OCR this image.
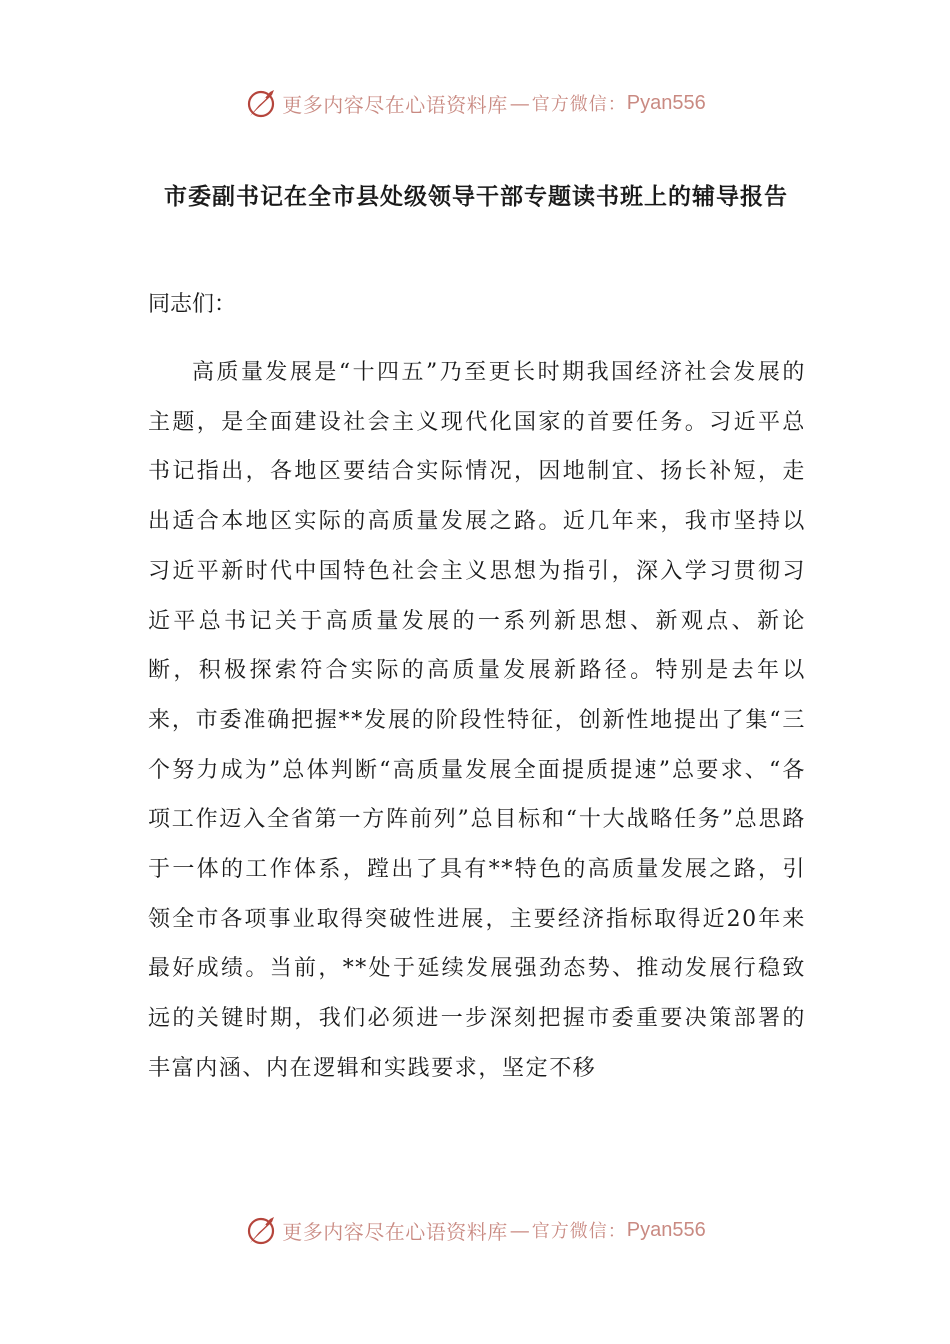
更多内容尽在心语资料库 — 官方微信： Pyan556
市委副书记在全市县处级领导干部专题读书班上的辅导报告

同志们：

高质量发展是“十四五”乃至更长时期我国经济社会发展的主题，是全面建设社会主义现代化国家的首要任务。习近平总书记指出，各地区要结合实际情况，因地制宜、扬长补短，走出适合本地区实际的高质量发展之路。近几年来，我市坚持以习近平新时代中国特色社会主义思想为指引，深入学习贯彻习近平总书记关于高质量发展的一系列新思想、新观点、新论断，积极探索符合实际的高质量发展新路径。特别是去年以来，市委准确把握**发展的阶段性特征，创新性地提出了集“三个努力成为”总体判断“高质量发展全面提质提速”总要求、“各项工作迈入全省第一方阵前列”总目标和“十大战略任务”总思路于一体的工作体系，蹚出了具有**特色的高质量发展之路，引领全市各项事业取得突破性进展，主要经济指标取得近20年来最好成绩。当前，**处于延续发展强劲态势、推动发展行稳致远的关键时期，我们必须进一步深刻把握市委重要决策部署的丰富内涵、内在逻辑和实践要求，坚定不移

更多内容尽在心语资料库 — 官方微信： Pyan556
